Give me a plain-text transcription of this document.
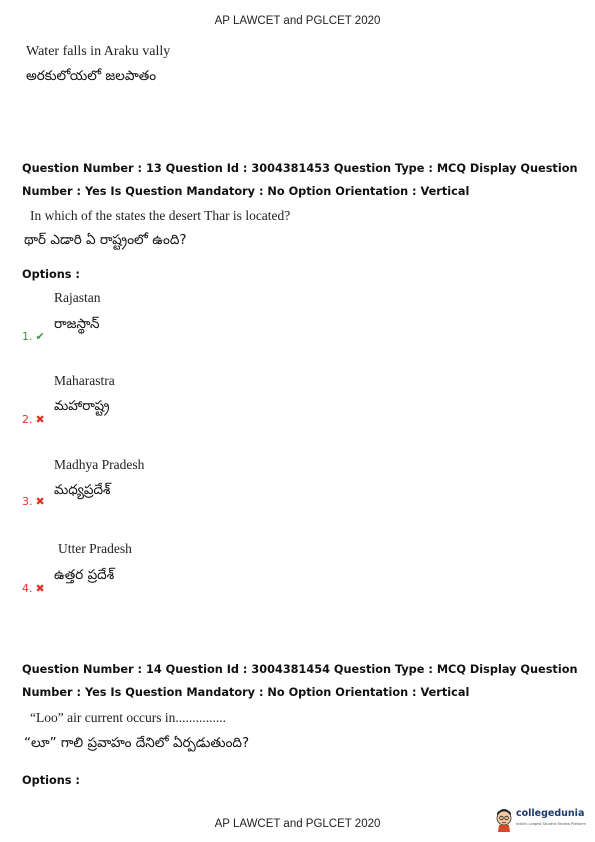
AP LAWCET and PGLCET 2020
Water falls in Araku vally
అరకులోయలో జలపాతం
Question Number : 13 Question Id : 3004381453 Question Type : MCQ Display Question
Number : Yes Is Question Mandatory : No Option Orientation : Vertical
In which of the states the desert Thar is located?
థార్ ఎడారి ఏ రాష్ట్రంలో ఉంది?
Options :
Rajastan
1. ✔
రాజస్థాన్
Maharastra
2. ✖
మహారాష్ట్ర
Madhya Pradesh
3. ✖
మధ్యప్రదేశ్
Utter Pradesh
4. ✖
ఉత్తర ప్రదేశ్
Question Number : 14 Question Id : 3004381454 Question Type : MCQ Display Question
Number : Yes Is Question Mandatory : No Option Orientation : Vertical
“Loo” air current occurs in...............
“లూ” గాలి ప్రవాహం దేనిలో ఏర్పడుతుంది?
Options :
AP LAWCET and PGLCET 2020
collegedunia
India's Largest Student Review Platform
